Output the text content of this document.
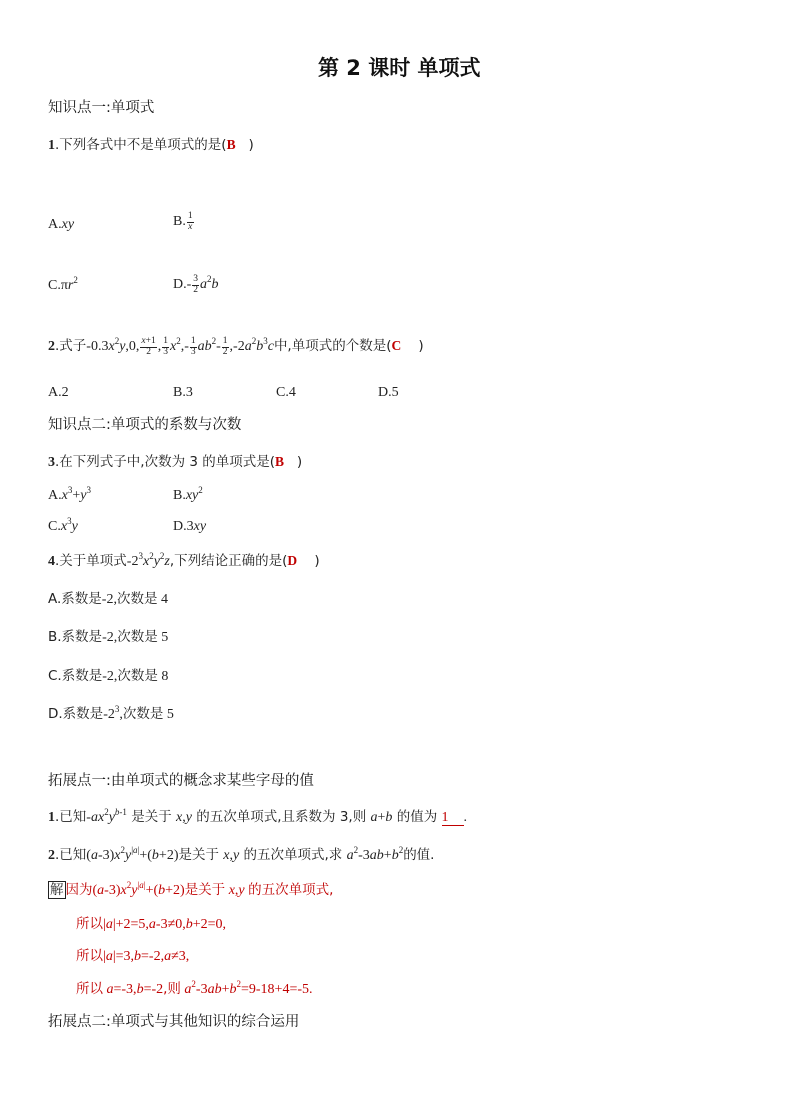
第 2 课时 单项式
知识点一:单项式
1.下列各式中不是单项式的是(B )
A.xy	B. $\frac{1}{x}$
$C.\pi r^2$	$D.- \frac{3}{2} a^2b$
2.式子$-0.3x^2y,0$, $\frac{x+1}{2}$ , $\frac{1}{3} x^2,- \frac{1}{3} ab^2- \frac{1}{2} ,-2a^2b^3c$中,单项式的个数是(C )
A.2	B.3	C.4	D.5
知识点二:单项式的系数与次数
3.在下列式子中,次数为 3 的单项式是(B )
$A.x^3+y^3$	$B.xy^2$
$C.x^3y$	D.3xy
4.关于单项式$-2^3x^2y^2z$,下列结论正确的是(D )
A.系数是-2,次数是 4
B.系数是-2,次数是 5
C.系数是-2,次数是 8
D.系数是$-2^3$,次数是 5
拓展点一:由单项式的概念求某些字母的值
1.已知$-ax^2y^{b-1}$ 是关于 x,y 的五次单项式,且系数为 3,则 a+b 的值为 1 .
2.已知$(a-3)x^2y^{|a|}+(b+2)$是关于 x,y 的五次单项式,求 $a^2-3ab+b^2$的值.
解 因为$(a-3)x^2y^{|a|}+(b+2)$是关于 x,y 的五次单项式,
所以|a|+2=5,a-3≠0,b+2=0,
所以|a|=3,b=-2,a≠3,
所以 a=-3,b=-2,则 $a^2-3ab+b^2=9-18+4=-5$.
拓展点二:单项式与其他知识的综合运用
